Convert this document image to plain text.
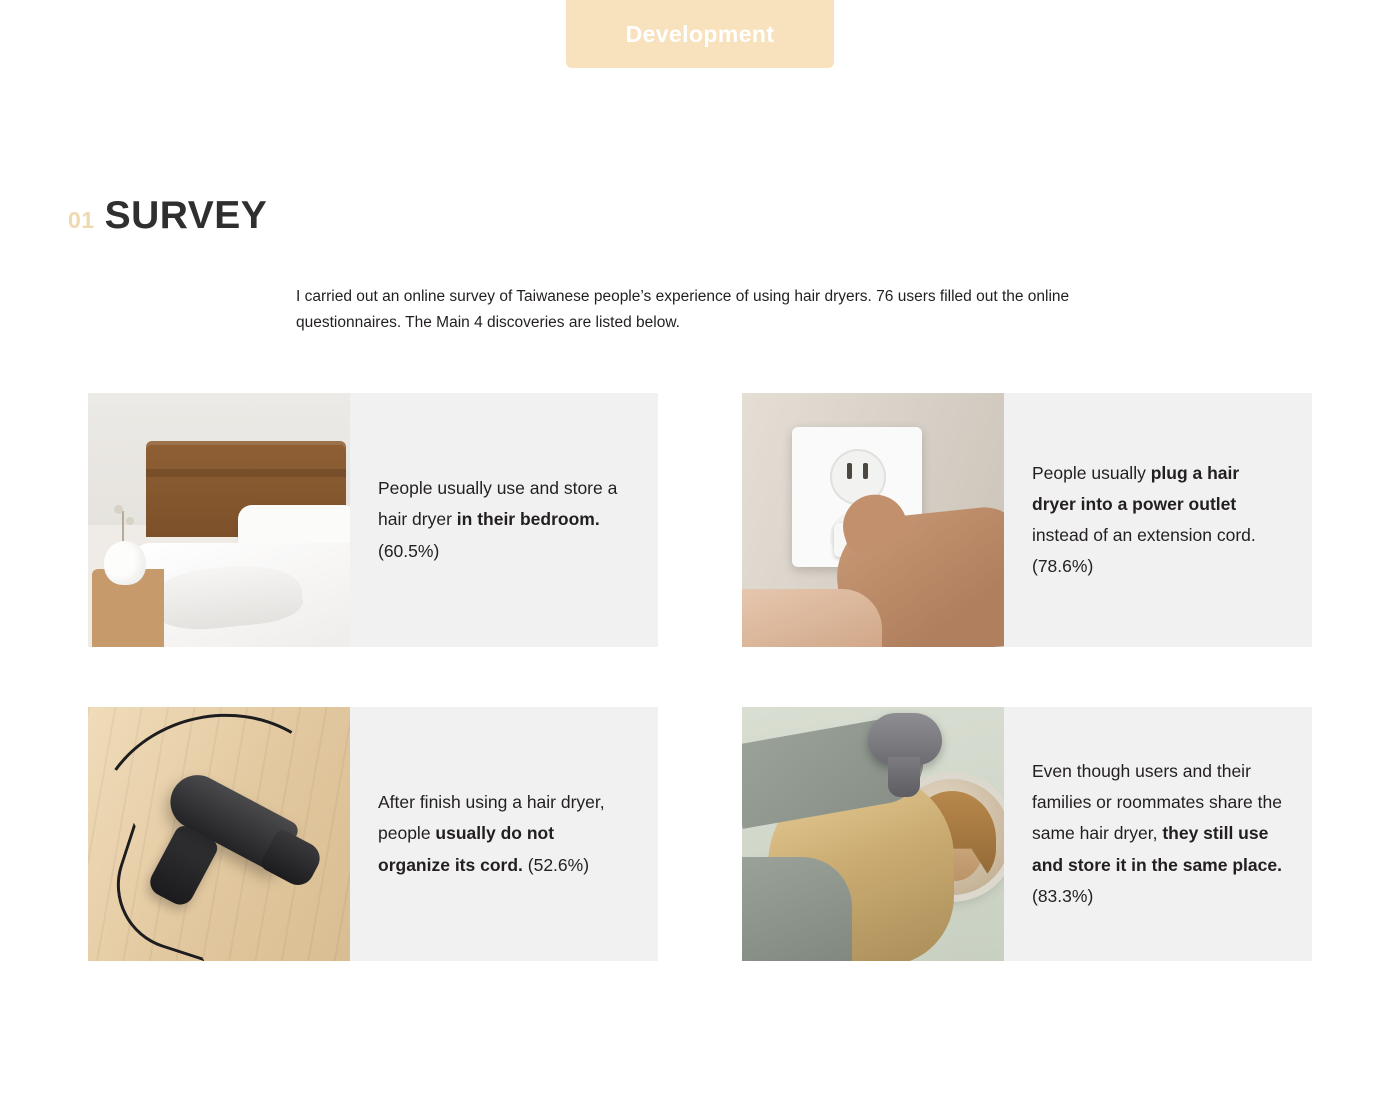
Development
01 SURVEY
I carried out an online survey of Taiwanese people’s experience of using hair dryers. 76 users filled out the online questionnaires. The Main 4 discoveries are listed below.

People usually use and store a hair dryer in their bedroom. (60.5%)

People usually plug a hair dryer into a power outlet instead of an extension cord. (78.6%)

After finish using a hair dryer, people usually do not organize its cord. (52.6%)

Even though users and their families or roommates share the same hair dryer, they still use and store it in the same place. (83.3%)
